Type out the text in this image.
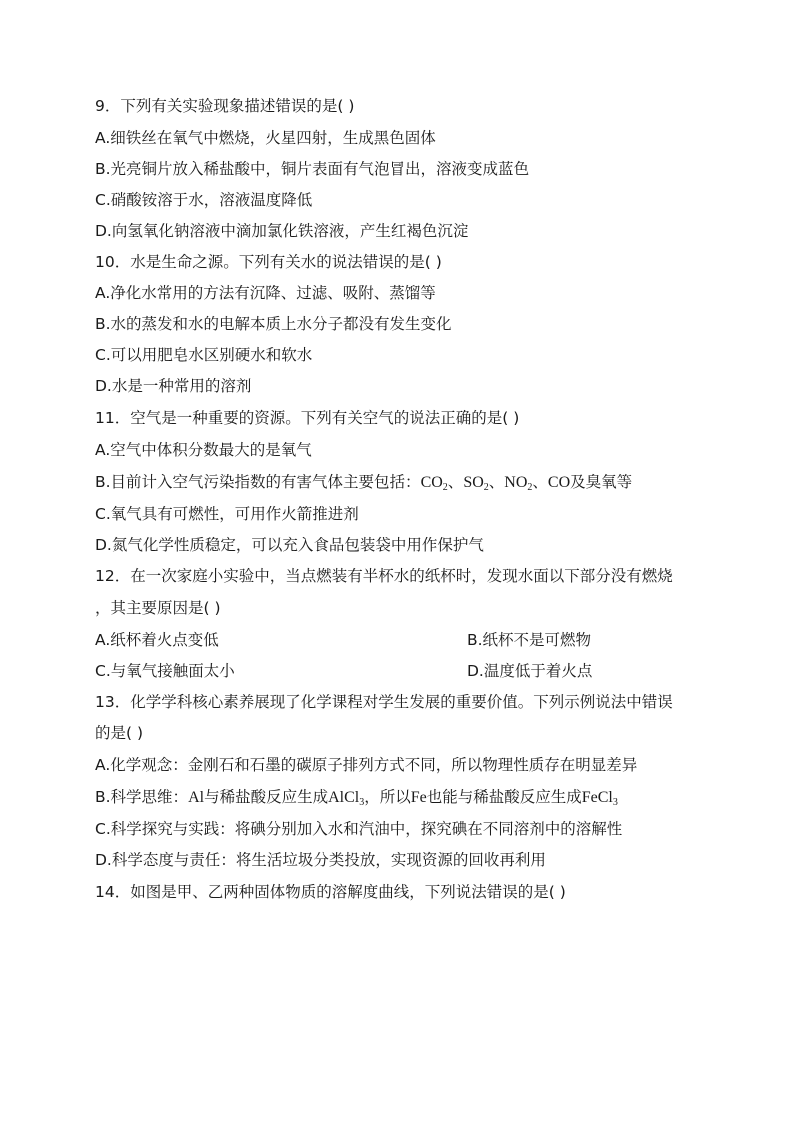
9．下列有关实验现象描述错误的是( )
A.细铁丝在氧气中燃烧，火星四射，生成黑色固体
B.光亮铜片放入稀盐酸中，铜片表面有气泡冒出，溶液变成蓝色
C.硝酸铵溶于水，溶液温度降低
D.向氢氧化钠溶液中滴加氯化铁溶液，产生红褐色沉淀
10．水是生命之源。下列有关水的说法错误的是( )
A.净化水常用的方法有沉降、过滤、吸附、蒸馏等
B.水的蒸发和水的电解本质上水分子都没有发生变化
C.可以用肥皂水区别硬水和软水
D.水是一种常用的溶剂
11．空气是一种重要的资源。下列有关空气的说法正确的是( )
A.空气中体积分数最大的是氧气
B.目前计入空气污染指数的有害气体主要包括：$CO_2$、$SO_2$、$NO_2$、CO及臭氧等
C.氧气具有可燃性，可用作火箭推进剂
D.氮气化学性质稳定，可以充入食品包装袋中用作保护气
12．在一次家庭小实验中，当点燃装有半杯水的纸杯时，发现水面以下部分没有燃烧
，其主要原因是( )
A.纸杯着火点变低	B.纸杯不是可燃物
C.与氧气接触面太小	D.温度低于着火点
13．化学学科核心素养展现了化学课程对学生发展的重要价值。下列示例说法中错误
的是( )
A.化学观念：金刚石和石墨的碳原子排列方式不同，所以物理性质存在明显差异
B.科学思维：Al与稀盐酸反应生成AlCl$_3$，所以Fe也能与稀盐酸反应生成FeCl$_3$
C.科学探究与实践：将碘分别加入水和汽油中，探究碘在不同溶剂中的溶解性
D.科学态度与责任：将生活垃圾分类投放，实现资源的回收再利用
14．如图是甲、乙两种固体物质的溶解度曲线，下列说法错误的是( )
